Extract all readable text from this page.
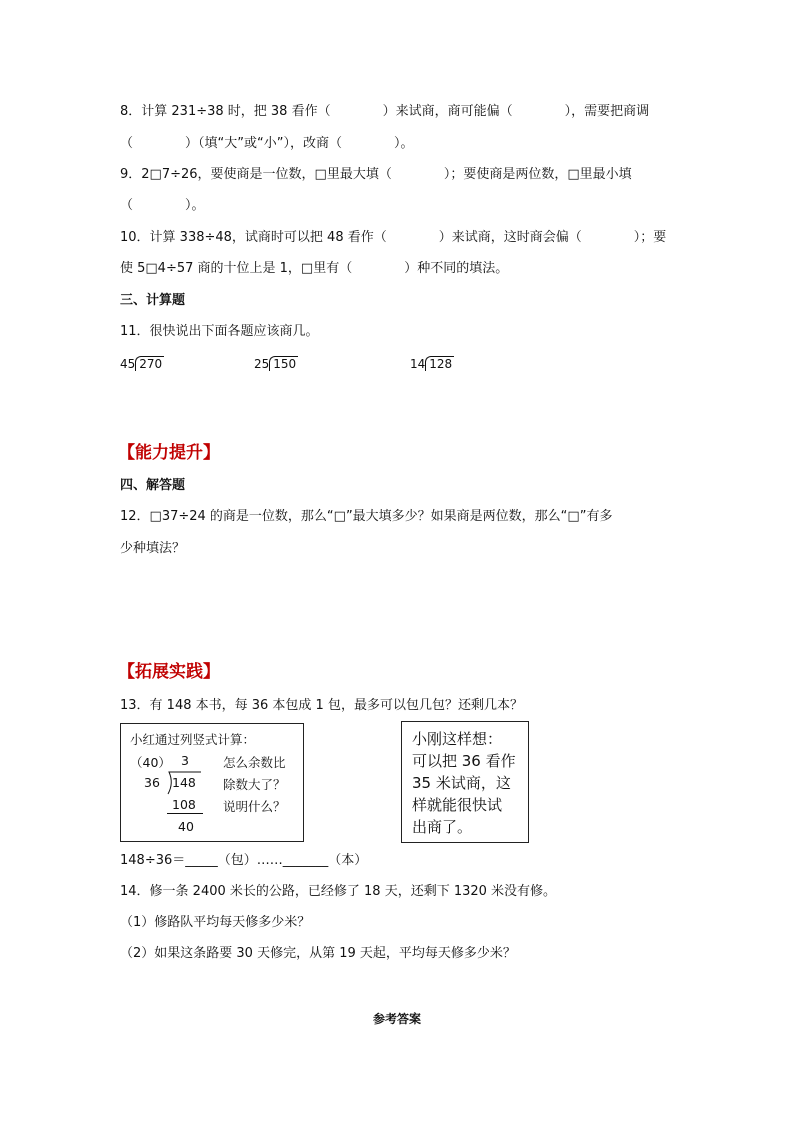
8．计算 231÷38 时，把 38 看作（　　　　）来试商，商可能偏（　　　　），需要把商调
（　　　　）（填“大”或“小”），改商（　　　　）。
9．2□7÷26，要使商是一位数，□里最大填（　　　　）；要使商是两位数，□里最小填
（　　　　）。
10．计算 338÷48，试商时可以把 48 看作（　　　　）来试商，这时商会偏（　　　　）；要
使 5□4÷57 商的十位上是 1，□里有（　　　　）种不同的填法。
三、计算题
11．很快说出下面各题应该商几。
45 270	25 150	14 128
【能力提升】
四、解答题
12．□37÷24 的商是一位数，那么“□”最大填多少？如果商是两位数，那么“□”有多
少种填法？
【拓展实践】
13．有 148 本书，每 36 本包成 1 包，最多可以包几包？还剩几本？
小红通过列竖式计算：
（40） 3
36 148
108
40
怎么余数比
除数大了？
说明什么？
小刚这样想：
可以把 36 看作
35 米试商，这
样就能很快试
出商了。
148÷36＝_____（包）……_______（本）
14．修一条 2400 米长的公路，已经修了 18 天，还剩下 1320 米没有修。
（1）修路队平均每天修多少米？
（2）如果这条路要 30 天修完，从第 19 天起，平均每天修多少米？
参考答案
